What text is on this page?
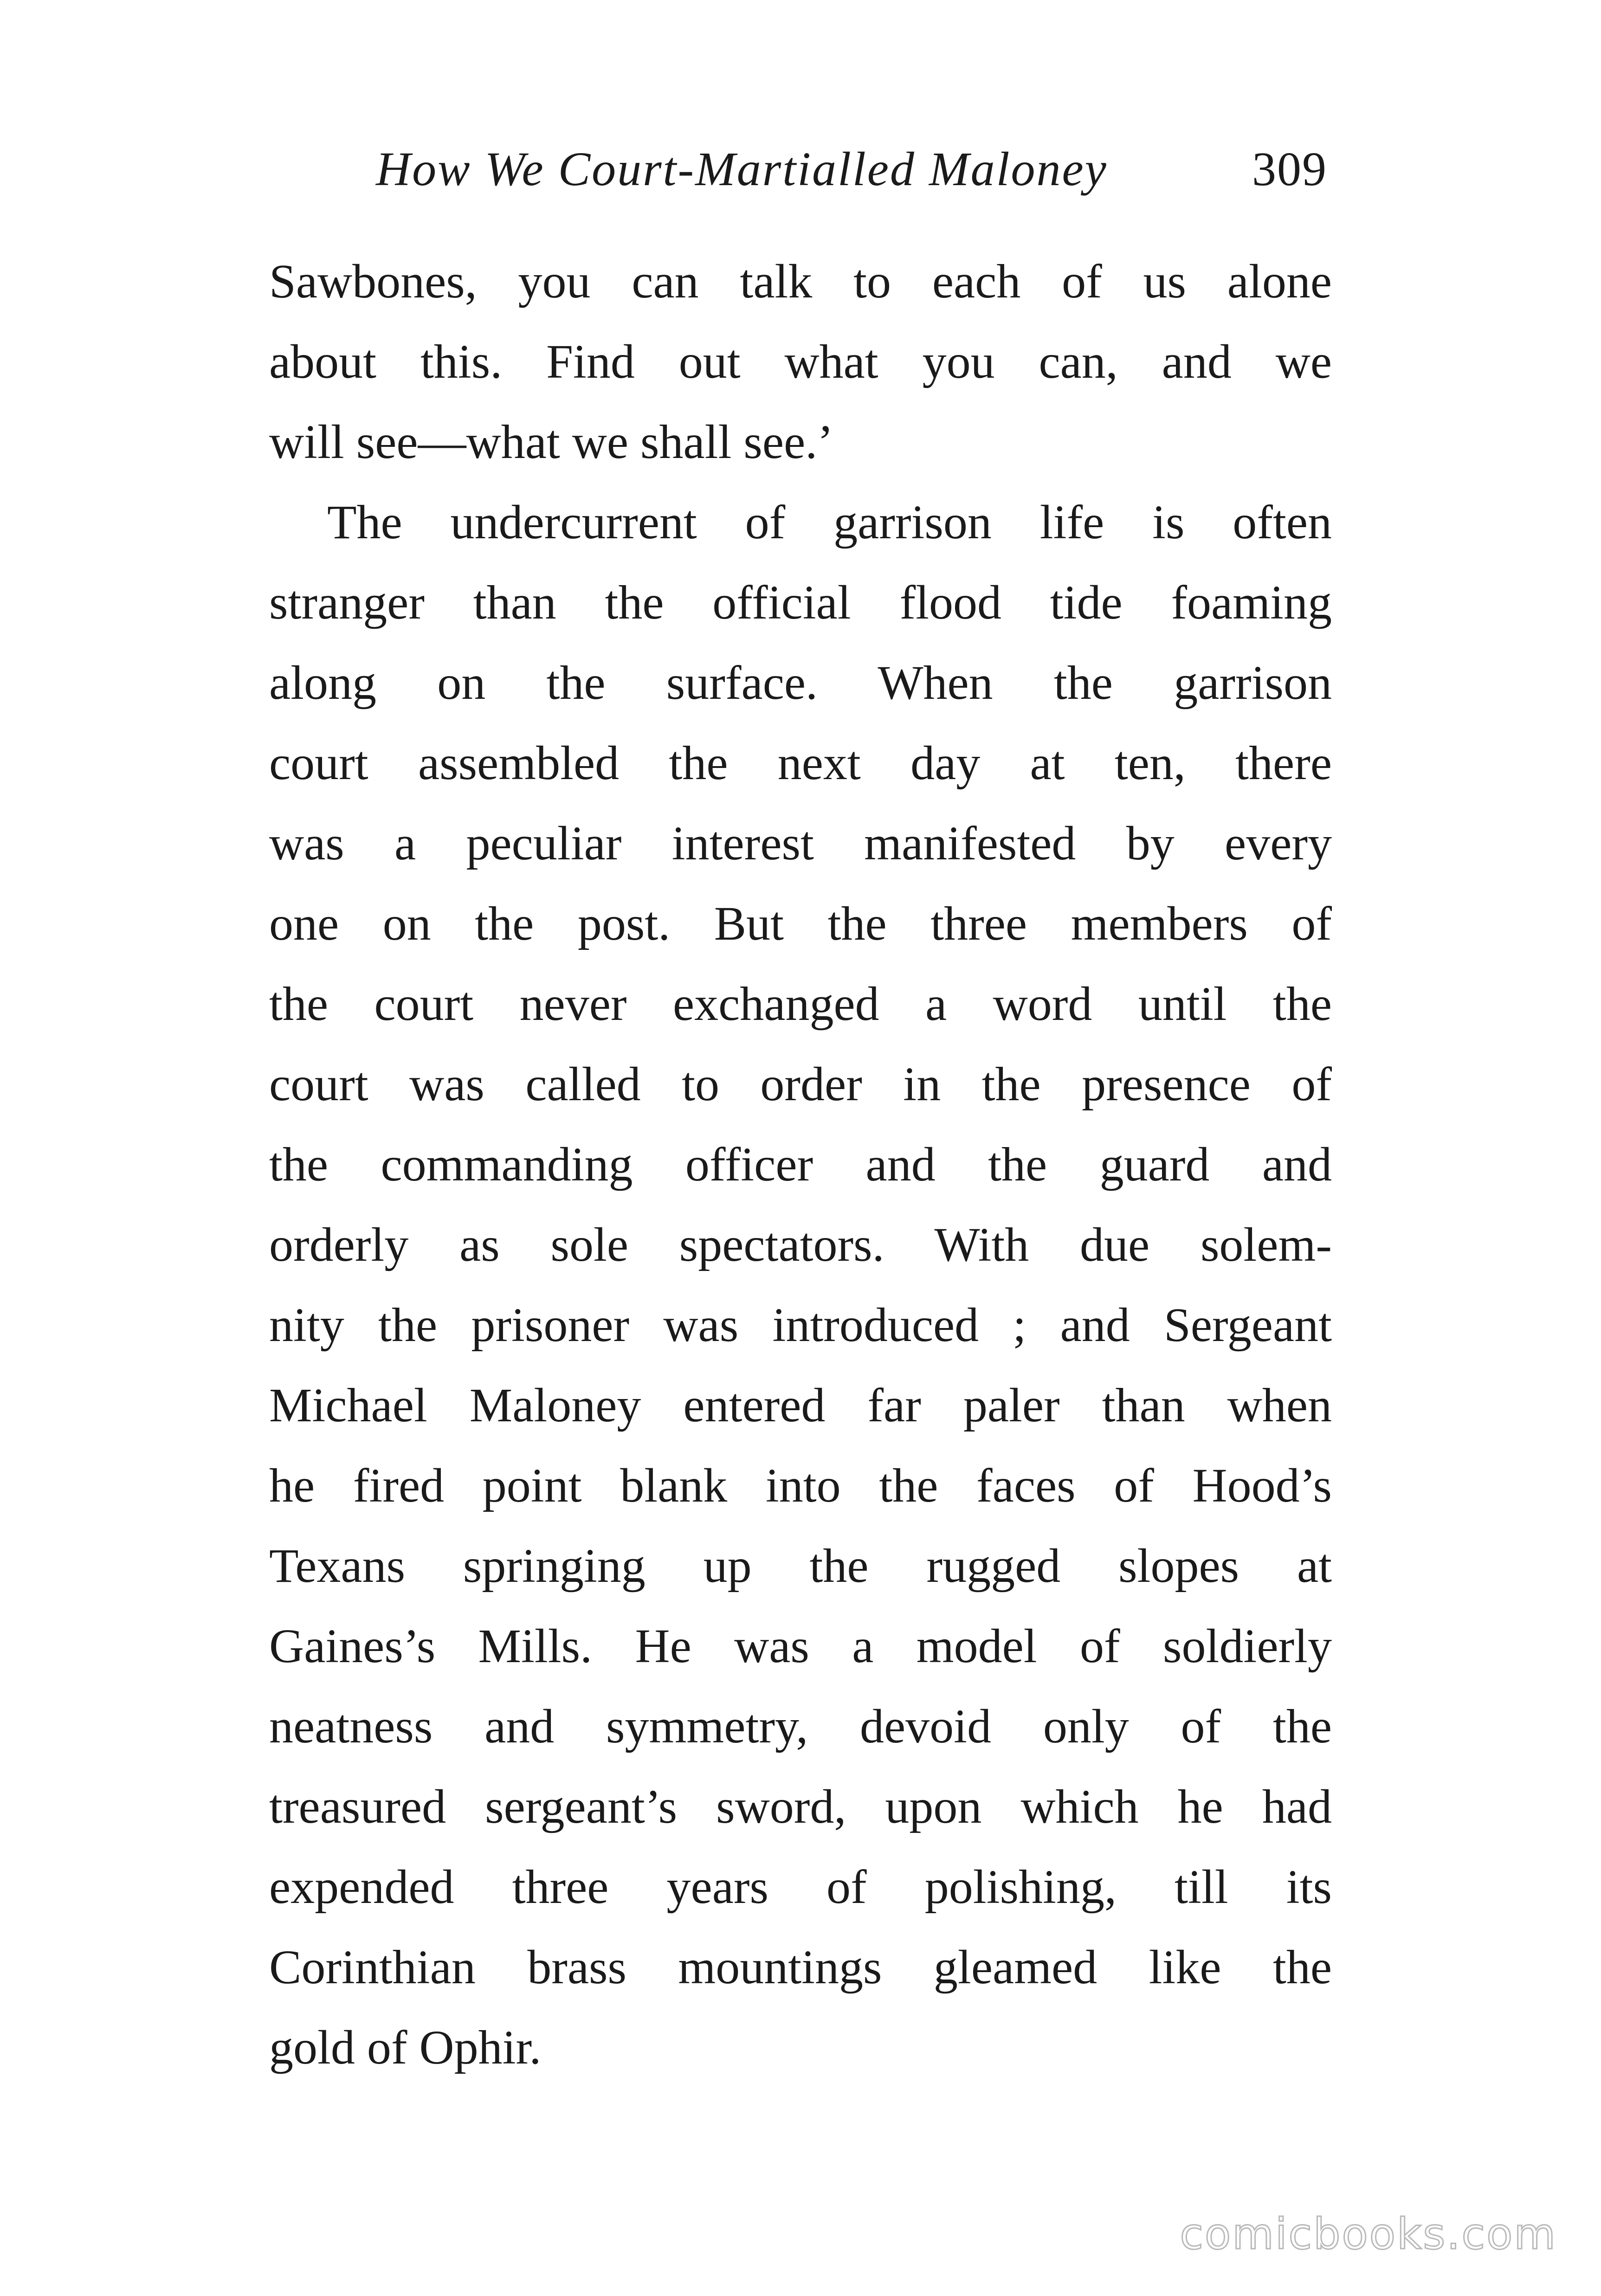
How We Court-Martialled Maloney	309
Sawbones, you can talk to each of us alone
about this. Find out what you can, and we
will see—what we shall see.’
The undercurrent of garrison life is often
stranger than the official flood tide foaming
along on the surface. When the garrison
court assembled the next day at ten, there
was a peculiar interest manifested by every
one on the post. But the three members of
the court never exchanged a word until the
court was called to order in the presence of
the commanding officer and the guard and
orderly as sole spectators. With due solem-
nity the prisoner was introduced ; and Sergeant
Michael Maloney entered far paler than when
he fired point blank into the faces of Hood’s
Texans springing up the rugged slopes at
Gaines’s Mills. He was a model of soldierly
neatness and symmetry, devoid only of the
treasured sergeant’s sword, upon which he had
expended three years of polishing, till its
Corinthian brass mountings gleamed like the
gold of Ophir.
comicbooks.com
